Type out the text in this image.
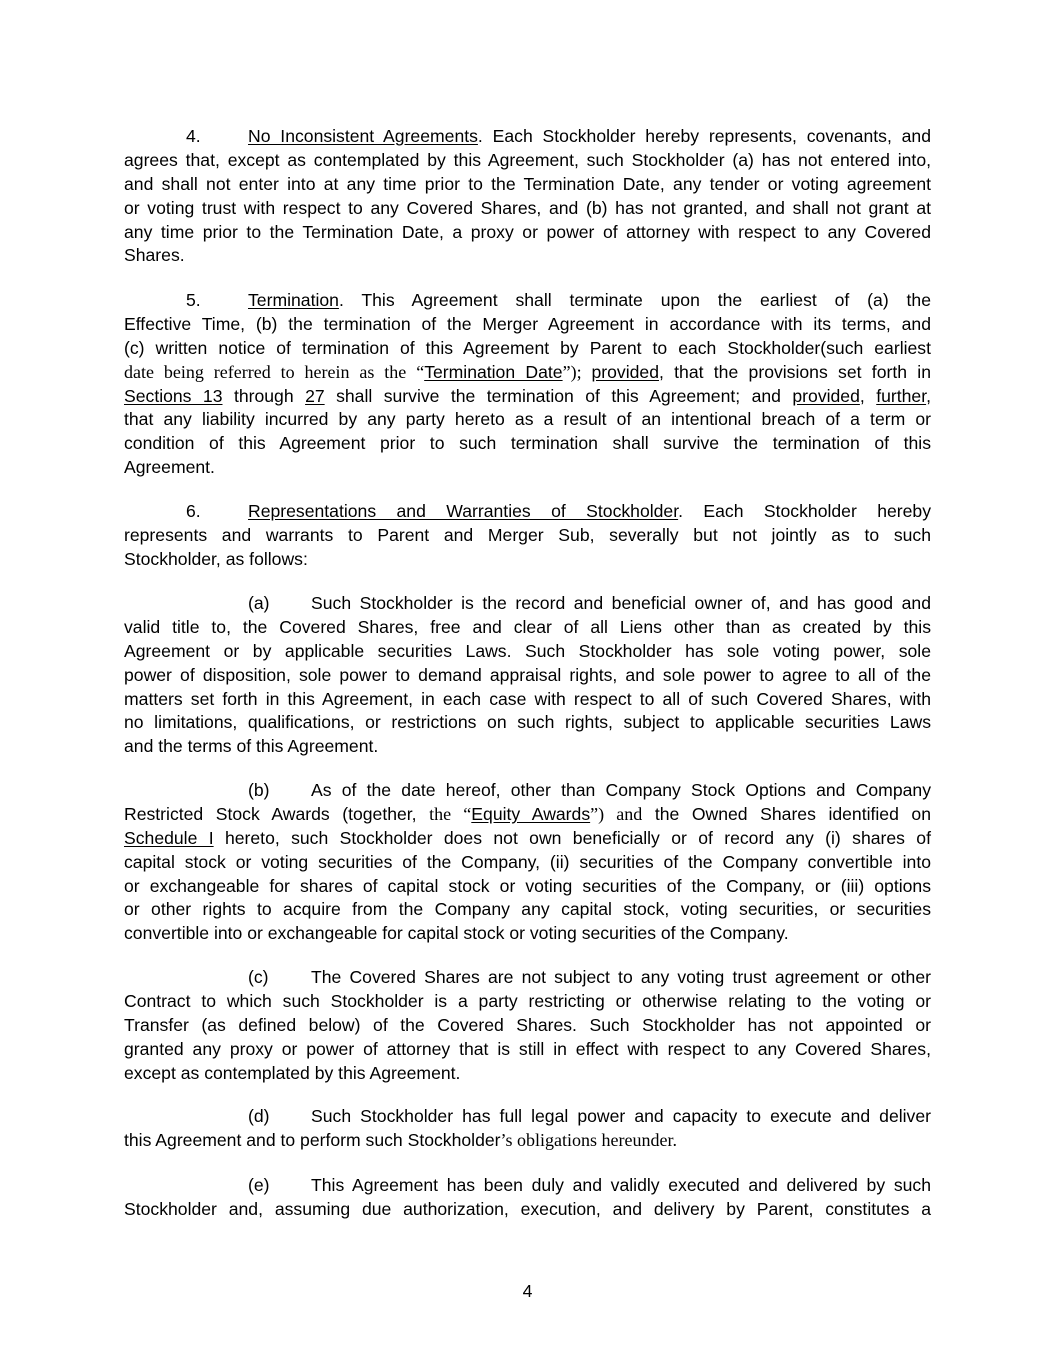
4.	No Inconsistent Agreements. Each Stockholder hereby represents, covenants, and
agrees that, except as contemplated by this Agreement, such Stockholder (a) has not entered into,
and shall not enter into at any time prior to the Termination Date, any tender or voting agreement
or voting trust with respect to any Covered Shares, and (b) has not granted, and shall not grant at
any time prior to the Termination Date, a proxy or power of attorney with respect to any Covered
Shares.
5.	Termination. This Agreement shall terminate upon the earliest of (a) the
Effective Time, (b) the termination of the Merger Agreement in accordance with its terms, and
(c) written notice of termination of this Agreement by Parent to each Stockholder(such earliest
date being referred to herein as the “Termination Date”); provided, that the provisions set forth in
Sections 13 through 27 shall survive the termination of this Agreement; and provided, further,
that any liability incurred by any party hereto as a result of an intentional breach of a term or
condition of this Agreement prior to such termination shall survive the termination of this
Agreement.
6.	Representations and Warranties of Stockholder. Each Stockholder hereby
represents and warrants to Parent and Merger Sub, severally but not jointly as to such
Stockholder, as follows:
(a) Such Stockholder is the record and beneficial owner of, and has good and
valid title to, the Covered Shares, free and clear of all Liens other than as created by this
Agreement or by applicable securities Laws. Such Stockholder has sole voting power, sole
power of disposition, sole power to demand appraisal rights, and sole power to agree to all of the
matters set forth in this Agreement, in each case with respect to all of such Covered Shares, with
no limitations, qualifications, or restrictions on such rights, subject to applicable securities Laws
and the terms of this Agreement.
(b) As of the date hereof, other than Company Stock Options and Company
Restricted Stock Awards (together, the “Equity Awards”) and the Owned Shares identified on
Schedule I hereto, such Stockholder does not own beneficially or of record any (i) shares of
capital stock or voting securities of the Company, (ii) securities of the Company convertible into
or exchangeable for shares of capital stock or voting securities of the Company, or (iii) options
or other rights to acquire from the Company any capital stock, voting securities, or securities
convertible into or exchangeable for capital stock or voting securities of the Company.
(c) The Covered Shares are not subject to any voting trust agreement or other
Contract to which such Stockholder is a party restricting or otherwise relating to the voting or
Transfer (as defined below) of the Covered Shares. Such Stockholder has not appointed or
granted any proxy or power of attorney that is still in effect with respect to any Covered Shares,
except as contemplated by this Agreement.
(d) Such Stockholder has full legal power and capacity to execute and deliver
this Agreement and to perform such Stockholder’s obligations hereunder.
(e) This Agreement has been duly and validly executed and delivered by such
Stockholder and, assuming due authorization, execution, and delivery by Parent, constitutes a
4
